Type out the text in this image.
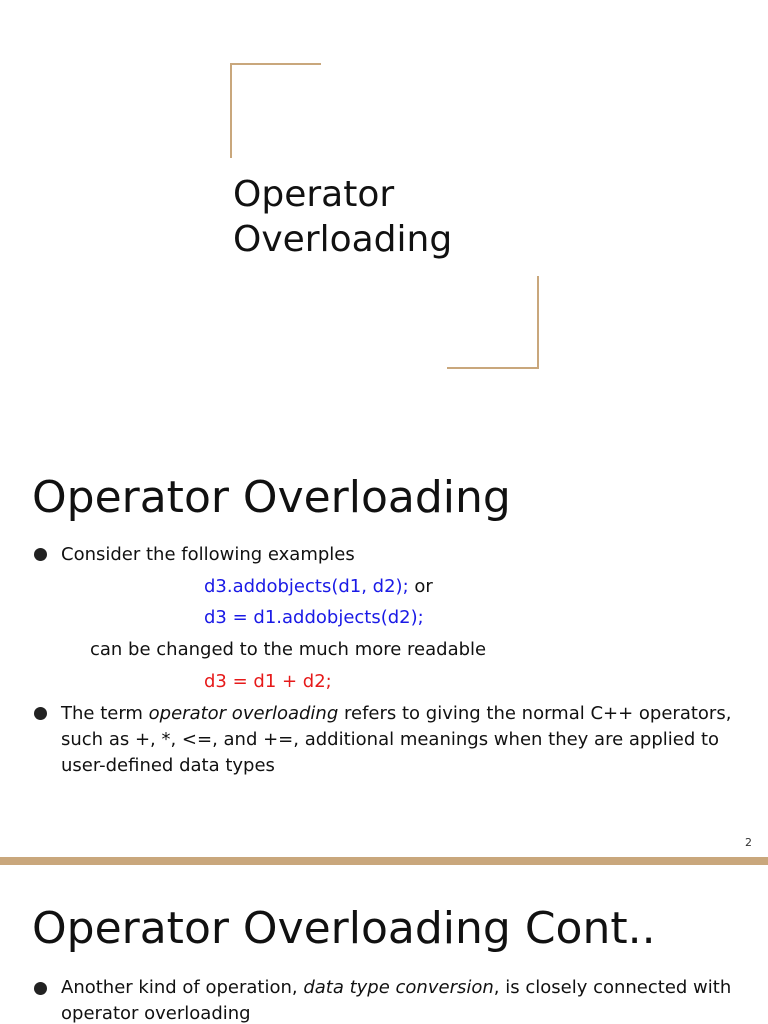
Operator
Overloading
Operator Overloading
Consider the following examples
d3.addobjects(d1, d2); or
d3 = d1.addobjects(d2);
can be changed to the much more readable
d3 = d1 + d2;
The term operator overloading refers to giving the normal C++ operators, such as +, *, <=, and +=, additional meanings when they are applied to user-defined data types
2
Operator Overloading Cont..
Another kind of operation, data type conversion, is closely connected with operator overloading
